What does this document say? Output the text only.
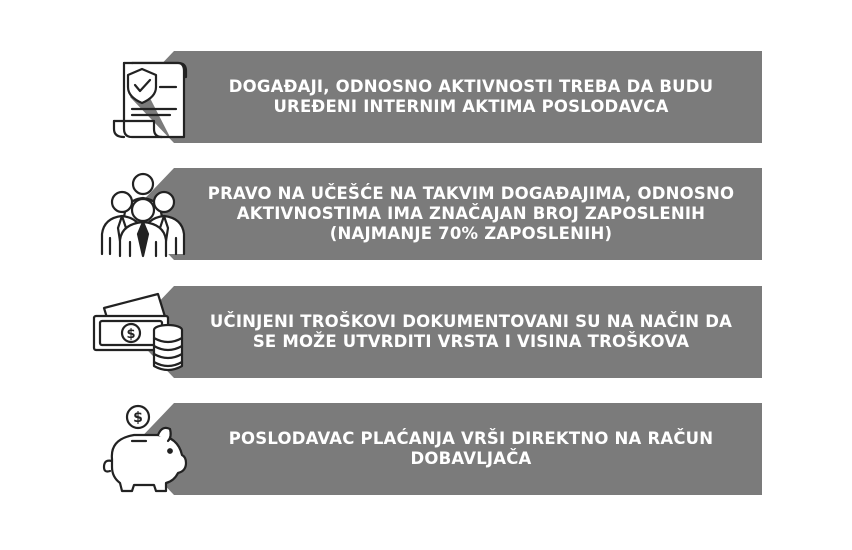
DOGAĐAJI, ODNOSNO AKTIVNOSTI TREBA DA BUDU UREĐENI INTERNIM AKTIMA POSLODAVCA
PRAVO NA UČEŠĆE NA TAKVIM DOGAĐAJIMA, ODNOSNO AKTIVNOSTIMA IMA ZNAČAJAN BROJ ZAPOSLENIH (NAJMANJE 70% ZAPOSLENIH)
$
UČINJENI TROŠKOVI DOKUMENTOVANI SU NA NAČIN DA SE MOŽE UTVRDITI VRSTA I VISINA TROŠKOVA
$
POSLODAVAC PLAĆANJA VRŠI DIREKTNO NA RAČUN DOBAVLJAČA
